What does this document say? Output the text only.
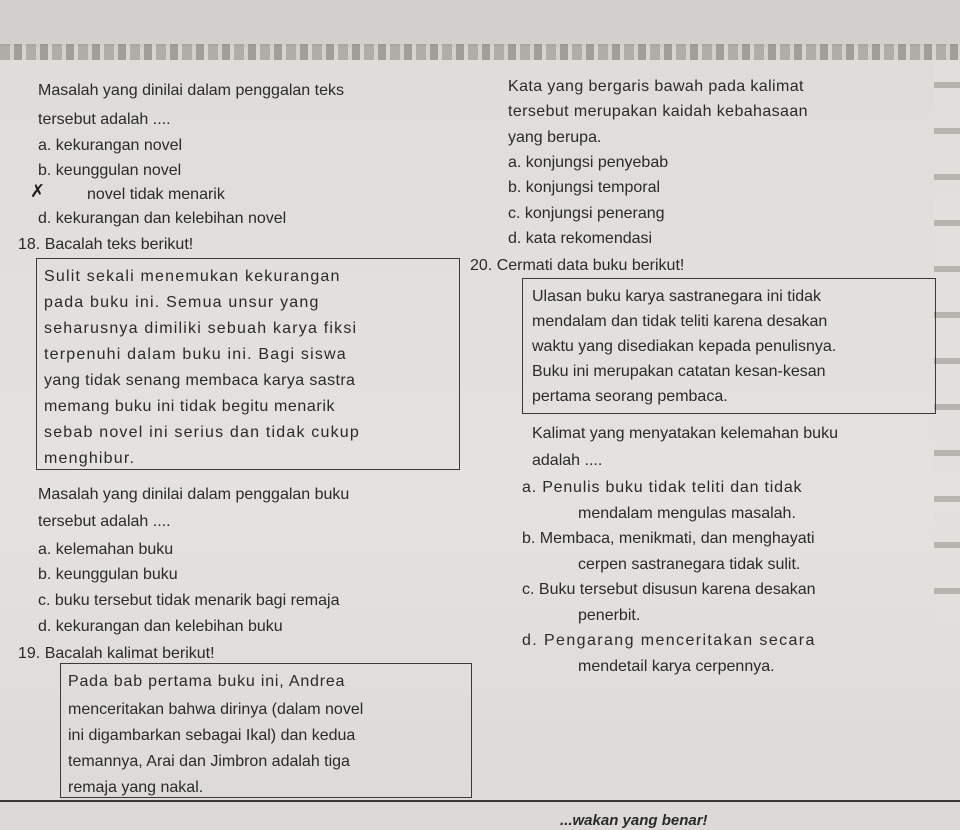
Masalah yang dinilai dalam penggalan teks
tersebut adalah ....
a. kekurangan novel
b. keunggulan novel
✗	novel tidak menarik
d. kekurangan dan kelebihan novel
18. Bacalah teks berikut!
Sulit sekali menemukan kekurangan
pada buku ini. Semua unsur yang
seharusnya dimiliki sebuah karya fiksi
terpenuhi dalam buku ini. Bagi siswa
yang tidak senang membaca karya sastra
memang buku ini tidak begitu menarik
sebab novel ini serius dan tidak cukup
menghibur.
Masalah yang dinilai dalam penggalan buku
tersebut adalah ....
a. kelemahan buku
b. keunggulan buku
c. buku tersebut tidak menarik bagi remaja
d. kekurangan dan kelebihan buku
19. Bacalah kalimat berikut!
Pada bab pertama buku ini, Andrea
menceritakan bahwa dirinya (dalam novel
ini digambarkan sebagai Ikal) dan kedua
temannya, Arai dan Jimbron adalah tiga
remaja yang nakal.
Kata yang bergaris bawah pada kalimat
tersebut merupakan kaidah kebahasaan
yang berupa.
a. konjungsi penyebab
b. konjungsi temporal
c. konjungsi penerang
d. kata rekomendasi
20. Cermati data buku berikut!
Ulasan buku karya sastranegara ini tidak
mendalam dan tidak teliti karena desakan
waktu yang disediakan kepada penulisnya.
Buku ini merupakan catatan kesan-kesan
pertama seorang pembaca.
Kalimat yang menyatakan kelemahan buku
adalah ....
a. Penulis buku tidak teliti dan tidak
mendalam mengulas masalah.
b. Membaca, menikmati, dan menghayati
cerpen sastranegara tidak sulit.
c. Buku tersebut disusun karena desakan
penerbit.
d. Pengarang menceritakan secara
mendetail karya cerpennya.
...wakan yang benar!
